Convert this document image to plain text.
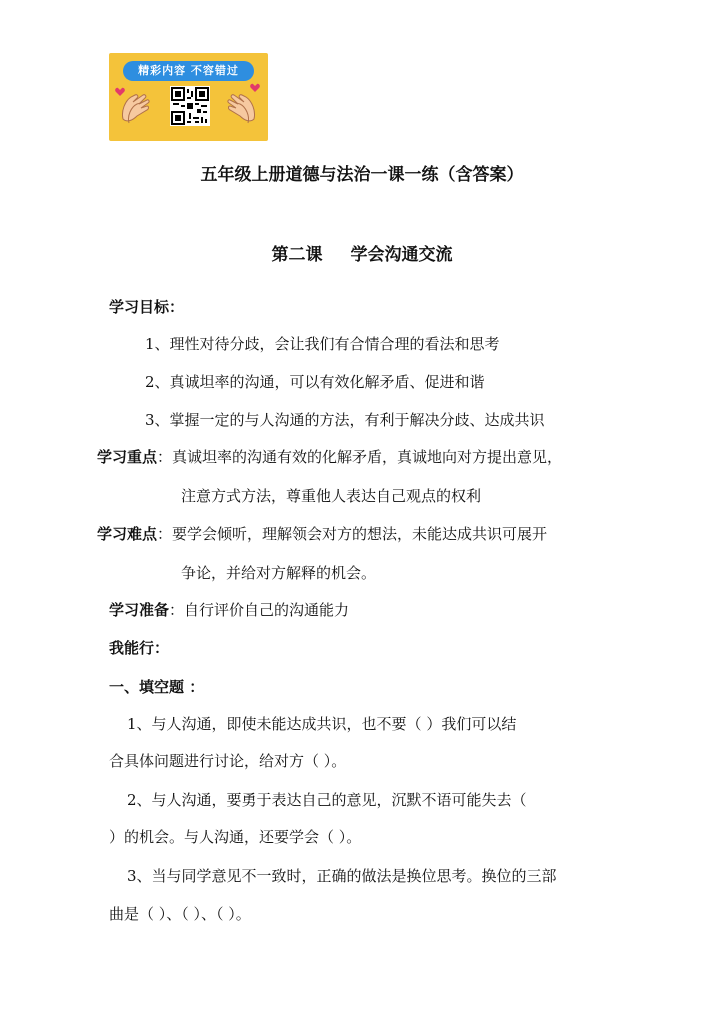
精彩内容 不容错过
五年级上册道德与法治一课一练（含答案）
第二课 学会沟通交流
学习目标：
1、理性对待分歧，会让我们有合情合理的看法和思考
2、真诚坦率的沟通，可以有效化解矛盾、促进和谐
3、掌握一定的与人沟通的方法，有利于解决分歧、达成共识
学习重点：真诚坦率的沟通有效的化解矛盾，真诚地向对方提出意见，
注意方式方法，尊重他人表达自己观点的权利
学习难点：要学会倾听，理解领会对方的想法，未能达成共识可展开
争论，并给对方解释的机会。
学习准备：自行评价自己的沟通能力
我能行：
一、填空题 ：
1、与人沟通，即使未能达成共识，也不要（ ）我们可以结
合具体问题进行讨论，给对方（ ）。
2、与人沟通，要勇于表达自己的意见，沉默不语可能失去（
）的机会。与人沟通，还要学会（ ）。
3、当与同学意见不一致时，正确的做法是换位思考。换位的三部
曲是（ ）、（ ）、（ ）。
